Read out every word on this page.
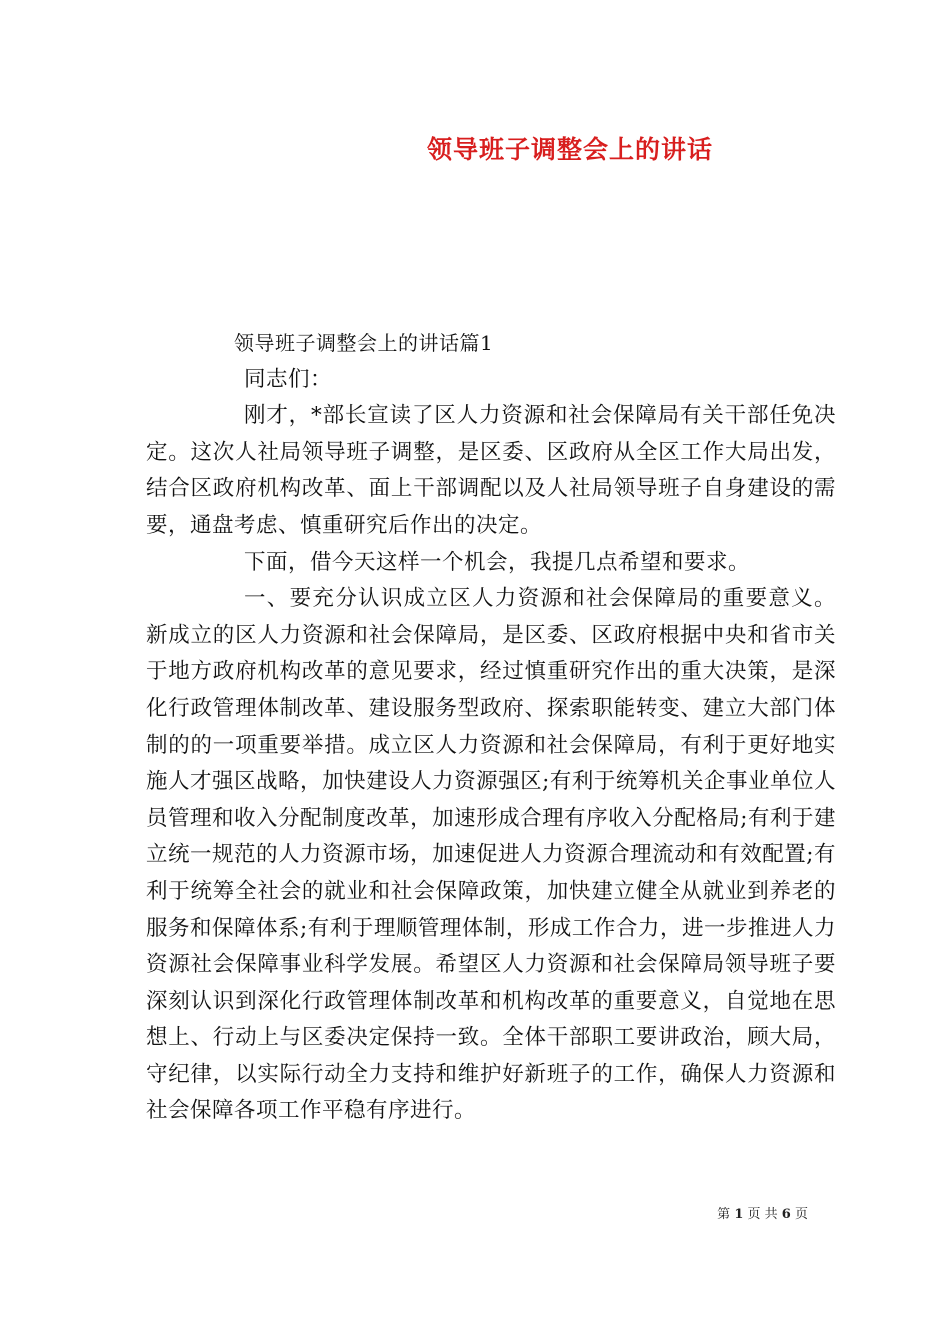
领导班子调整会上的讲话

领导班子调整会上的讲话篇1

同志们：

刚才，*部长宣读了区人力资源和社会保障局有关干部任免决定。这次人社局领导班子调整，是区委、区政府从全区工作大局出发，结合区政府机构改革、面上干部调配以及人社局领导班子自身建设的需要，通盘考虑、慎重研究后作出的决定。

下面，借今天这样一个机会，我提几点希望和要求。

一、要充分认识成立区人力资源和社会保障局的重要意义。新成立的区人力资源和社会保障局，是区委、区政府根据中央和省市关于地方政府机构改革的意见要求，经过慎重研究作出的重大决策，是深化行政管理体制改革、建设服务型政府、探索职能转变、建立大部门体制的的一项重要举措。成立区人力资源和社会保障局，有利于更好地实施人才强区战略，加快建设人力资源强区;有利于统筹机关企事业单位人员管理和收入分配制度改革，加速形成合理有序收入分配格局;有利于建立统一规范的人力资源市场，加速促进人力资源合理流动和有效配置;有利于统筹全社会的就业和社会保障政策，加快建立健全从就业到养老的服务和保障体系;有利于理顺管理体制，形成工作合力，进一步推进人力资源社会保障事业科学发展。希望区人力资源和社会保障局领导班子要深刻认识到深化行政管理体制改革和机构改革的重要意义，自觉地在思想上、行动上与区委决定保持一致。全体干部职工要讲政治，顾大局，守纪律，以实际行动全力支持和维护好新班子的工作，确保人力资源和社会保障各项工作平稳有序进行。

第 1 页 共 6 页
